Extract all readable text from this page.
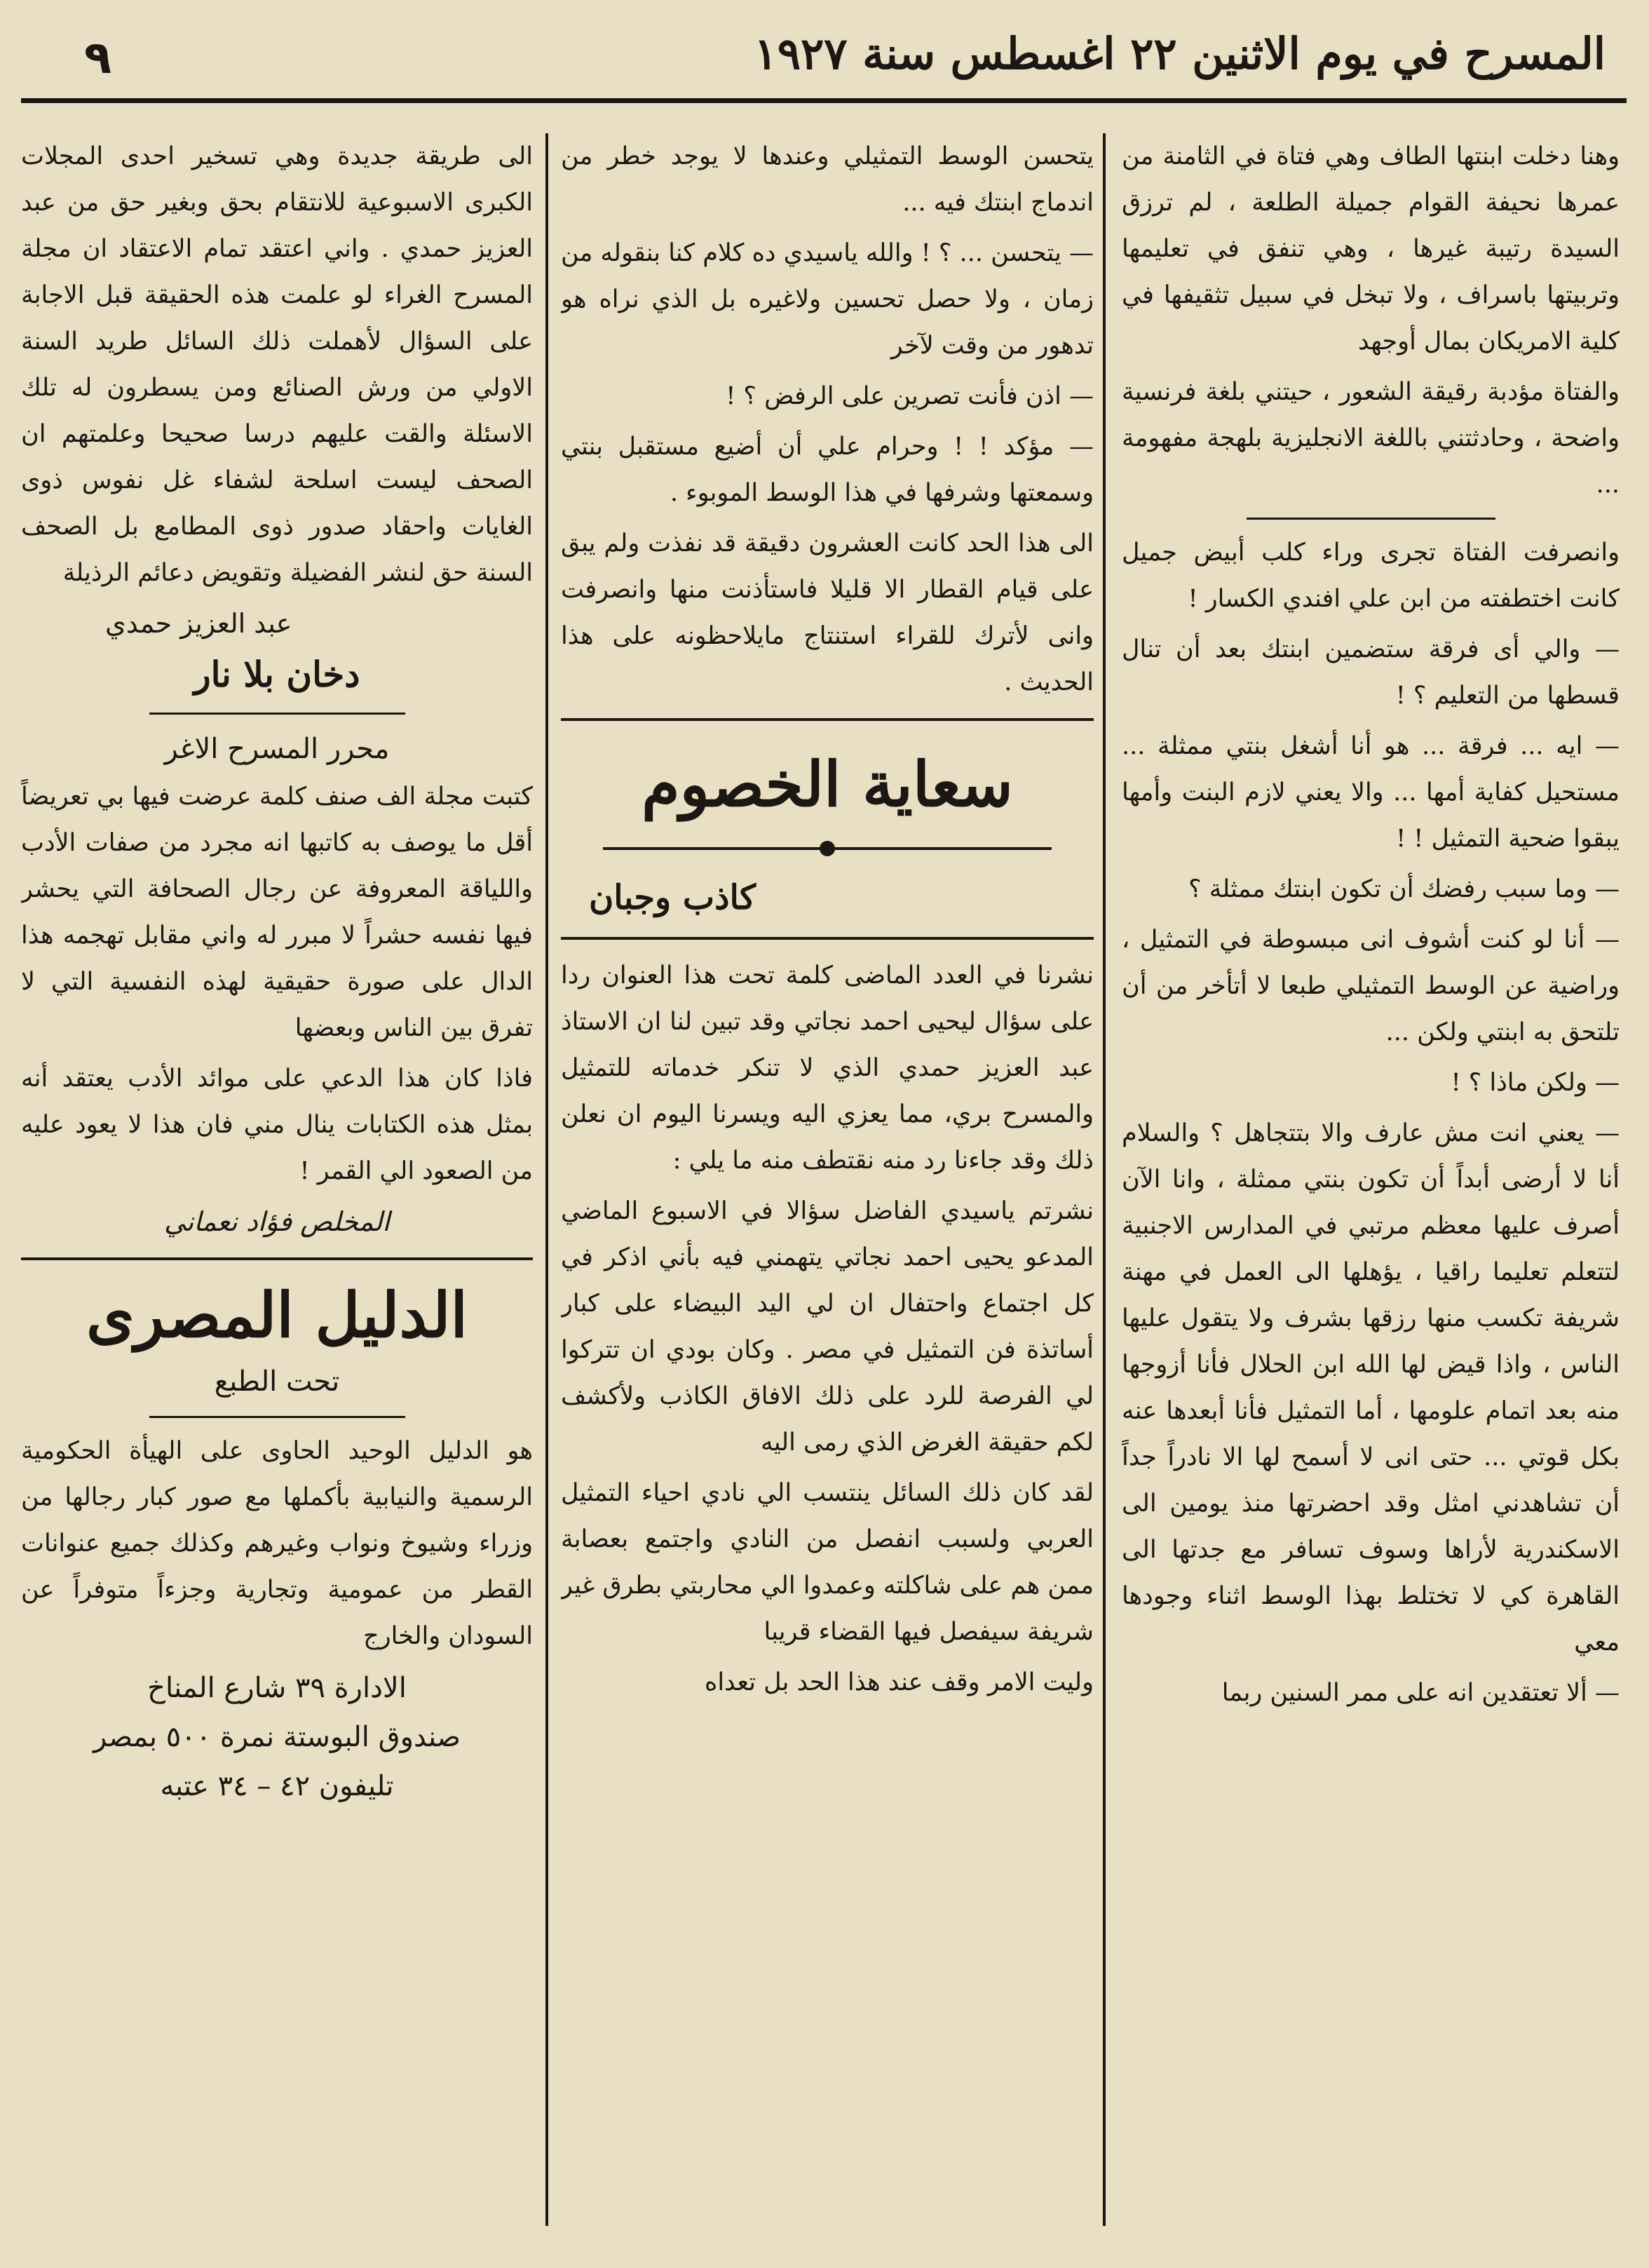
المسرح في يوم الاثنين ٢٢ اغسطس سنة ١٩٢٧
٩

وهنا دخلت ابنتها الطاف وهي فتاة في الثامنة من عمرها نحيفة القوام جميلة الطلعة ، لم ترزق السيدة رتيبة غيرها ، وهي تنفق في تعليمها وتربيتها باسراف ، ولا تبخل في سبيل تثقيفها في كلية الامريكان بمال أوجهد

والفتاة مؤدبة رقيقة الشعور ، حيتني بلغة فرنسية واضحة ، وحادثتني باللغة الانجليزية بلهجة مفهومة ...

وانصرفت الفتاة تجرى وراء كلب أبيض جميل كانت اختطفته من ابن علي افندي الكسار !

— والي أى فرقة ستضمين ابنتك بعد أن تنال قسطها من التعليم ؟ !

— ايه ... فرقة ... هو أنا أشغل بنتي ممثلة ... مستحيل كفاية أمها ... والا يعني لازم البنت وأمها يبقوا ضحية التمثيل ! !

— وما سبب رفضك أن تكون ابنتك ممثلة ؟

— أنا لو كنت أشوف انى مبسوطة في التمثيل ، وراضية عن الوسط التمثيلي طبعا لا أتأخر من أن تلتحق به ابنتي ولكن ...

— ولكن ماذا ؟ !

— يعني انت مش عارف والا بتتجاهل ؟ والسلام أنا لا أرضى أبداً أن تكون بنتي ممثلة ، وانا الآن أصرف عليها معظم مرتبي في المدارس الاجنبية لتتعلم تعليما راقيا ، يؤهلها الى العمل في مهنة شريفة تكسب منها رزقها بشرف ولا يتقول عليها الناس ، واذا قيض لها الله ابن الحلال فأنا أزوجها منه بعد اتمام علومها ، أما التمثيل فأنا أبعدها عنه بكل قوتي ... حتى انى لا أسمح لها الا نادراً جداً أن تشاهدني امثل وقد احضرتها منذ يومين الى الاسكندرية لأراها وسوف تسافر مع جدتها الى القاهرة كي لا تختلط بهذا الوسط اثناء وجودها معي

— ألا تعتقدين انه على ممر السنين ربما

يتحسن الوسط التمثيلي وعندها لا يوجد خطر من اندماج ابنتك فيه ...

— يتحسن ... ؟ ! والله ياسيدي ده كلام كنا بنقوله من زمان ، ولا حصل تحسين ولاغيره بل الذي نراه هو تدهور من وقت لآخر

— اذن فأنت تصرين على الرفض ؟ !

— مؤكد ! ! وحرام علي أن أضيع مستقبل بنتي وسمعتها وشرفها في هذا الوسط الموبوء .

الى هذا الحد كانت العشرون دقيقة قد نفذت ولم يبق على قيام القطار الا قليلا فاستأذنت منها وانصرفت وانى لأترك للقراء استنتاج مايلاحظونه على هذا الحديث .

سعاية الخصوم
كاذب وجبان

نشرنا في العدد الماضى كلمة تحت هذا العنوان ردا على سؤال ليحيى احمد نجاتي وقد تبين لنا ان الاستاذ عبد العزيز حمدي الذي لا تنكر خدماته للتمثيل والمسرح بري، مما يعزي اليه ويسرنا اليوم ان نعلن ذلك وقد جاءنا رد منه نقتطف منه ما يلي :

نشرتم ياسيدي الفاضل سؤالا في الاسبوع الماضي المدعو يحيى احمد نجاتي يتهمني فيه بأني اذكر في كل اجتماع واحتفال ان لي اليد البيضاء على كبار أساتذة فن التمثيل في مصر . وكان بودي ان تتركوا لي الفرصة للرد على ذلك الافاق الكاذب ولأكشف لكم حقيقة الغرض الذي رمى اليه

لقد كان ذلك السائل ينتسب الي نادي احياء التمثيل العربي ولسبب انفصل من النادي واجتمع بعصابة ممن هم على شاكلته وعمدوا الي محاربتي بطرق غير شريفة سيفصل فيها القضاء قريبا

وليت الامر وقف عند هذا الحد بل تعداه

الى طريقة جديدة وهي تسخير احدى المجلات الكبرى الاسبوعية للانتقام بحق وبغير حق من عبد العزيز حمدي . واني اعتقد تمام الاعتقاد ان مجلة المسرح الغراء لو علمت هذه الحقيقة قبل الاجابة على السؤال لأهملت ذلك السائل طريد السنة الاولي من ورش الصنائع ومن يسطرون له تلك الاسئلة والقت عليهم درسا صحيحا وعلمتهم ان الصحف ليست اسلحة لشفاء غل نفوس ذوى الغايات واحقاد صدور ذوى المطامع بل الصحف السنة حق لنشر الفضيلة وتقويض دعائم الرذيلة

عبد العزيز حمدي
دخان بلا نار
محرر المسرح الاغر

كتبت مجلة الف صنف كلمة عرضت فيها بي تعريضاً أقل ما يوصف به كاتبها انه مجرد من صفات الأدب واللياقة المعروفة عن رجال الصحافة التي يحشر فيها نفسه حشراً لا مبرر له واني مقابل تهجمه هذا الدال على صورة حقيقية لهذه النفسية التي لا تفرق بين الناس وبعضها

فاذا كان هذا الدعي على موائد الأدب يعتقد أنه بمثل هذه الكتابات ينال مني فان هذا لا يعود عليه من الصعود الي القمر !

المخلص فؤاد نعماني
الدليل المصرى
تحت الطبع

هو الدليل الوحيد الحاوى على الهيأة الحكومية الرسمية والنيابية بأكملها مع صور كبار رجالها من وزراء وشيوخ ونواب وغيرهم وكذلك جميع عنوانات القطر من عمومية وتجارية وجزءاً متوفراً عن السودان والخارج

الادارة ٣٩ شارع المناخ
صندوق البوستة نمرة ٥٠٠ بمصر
تليفون ٤٢ – ٣٤ عتبه
